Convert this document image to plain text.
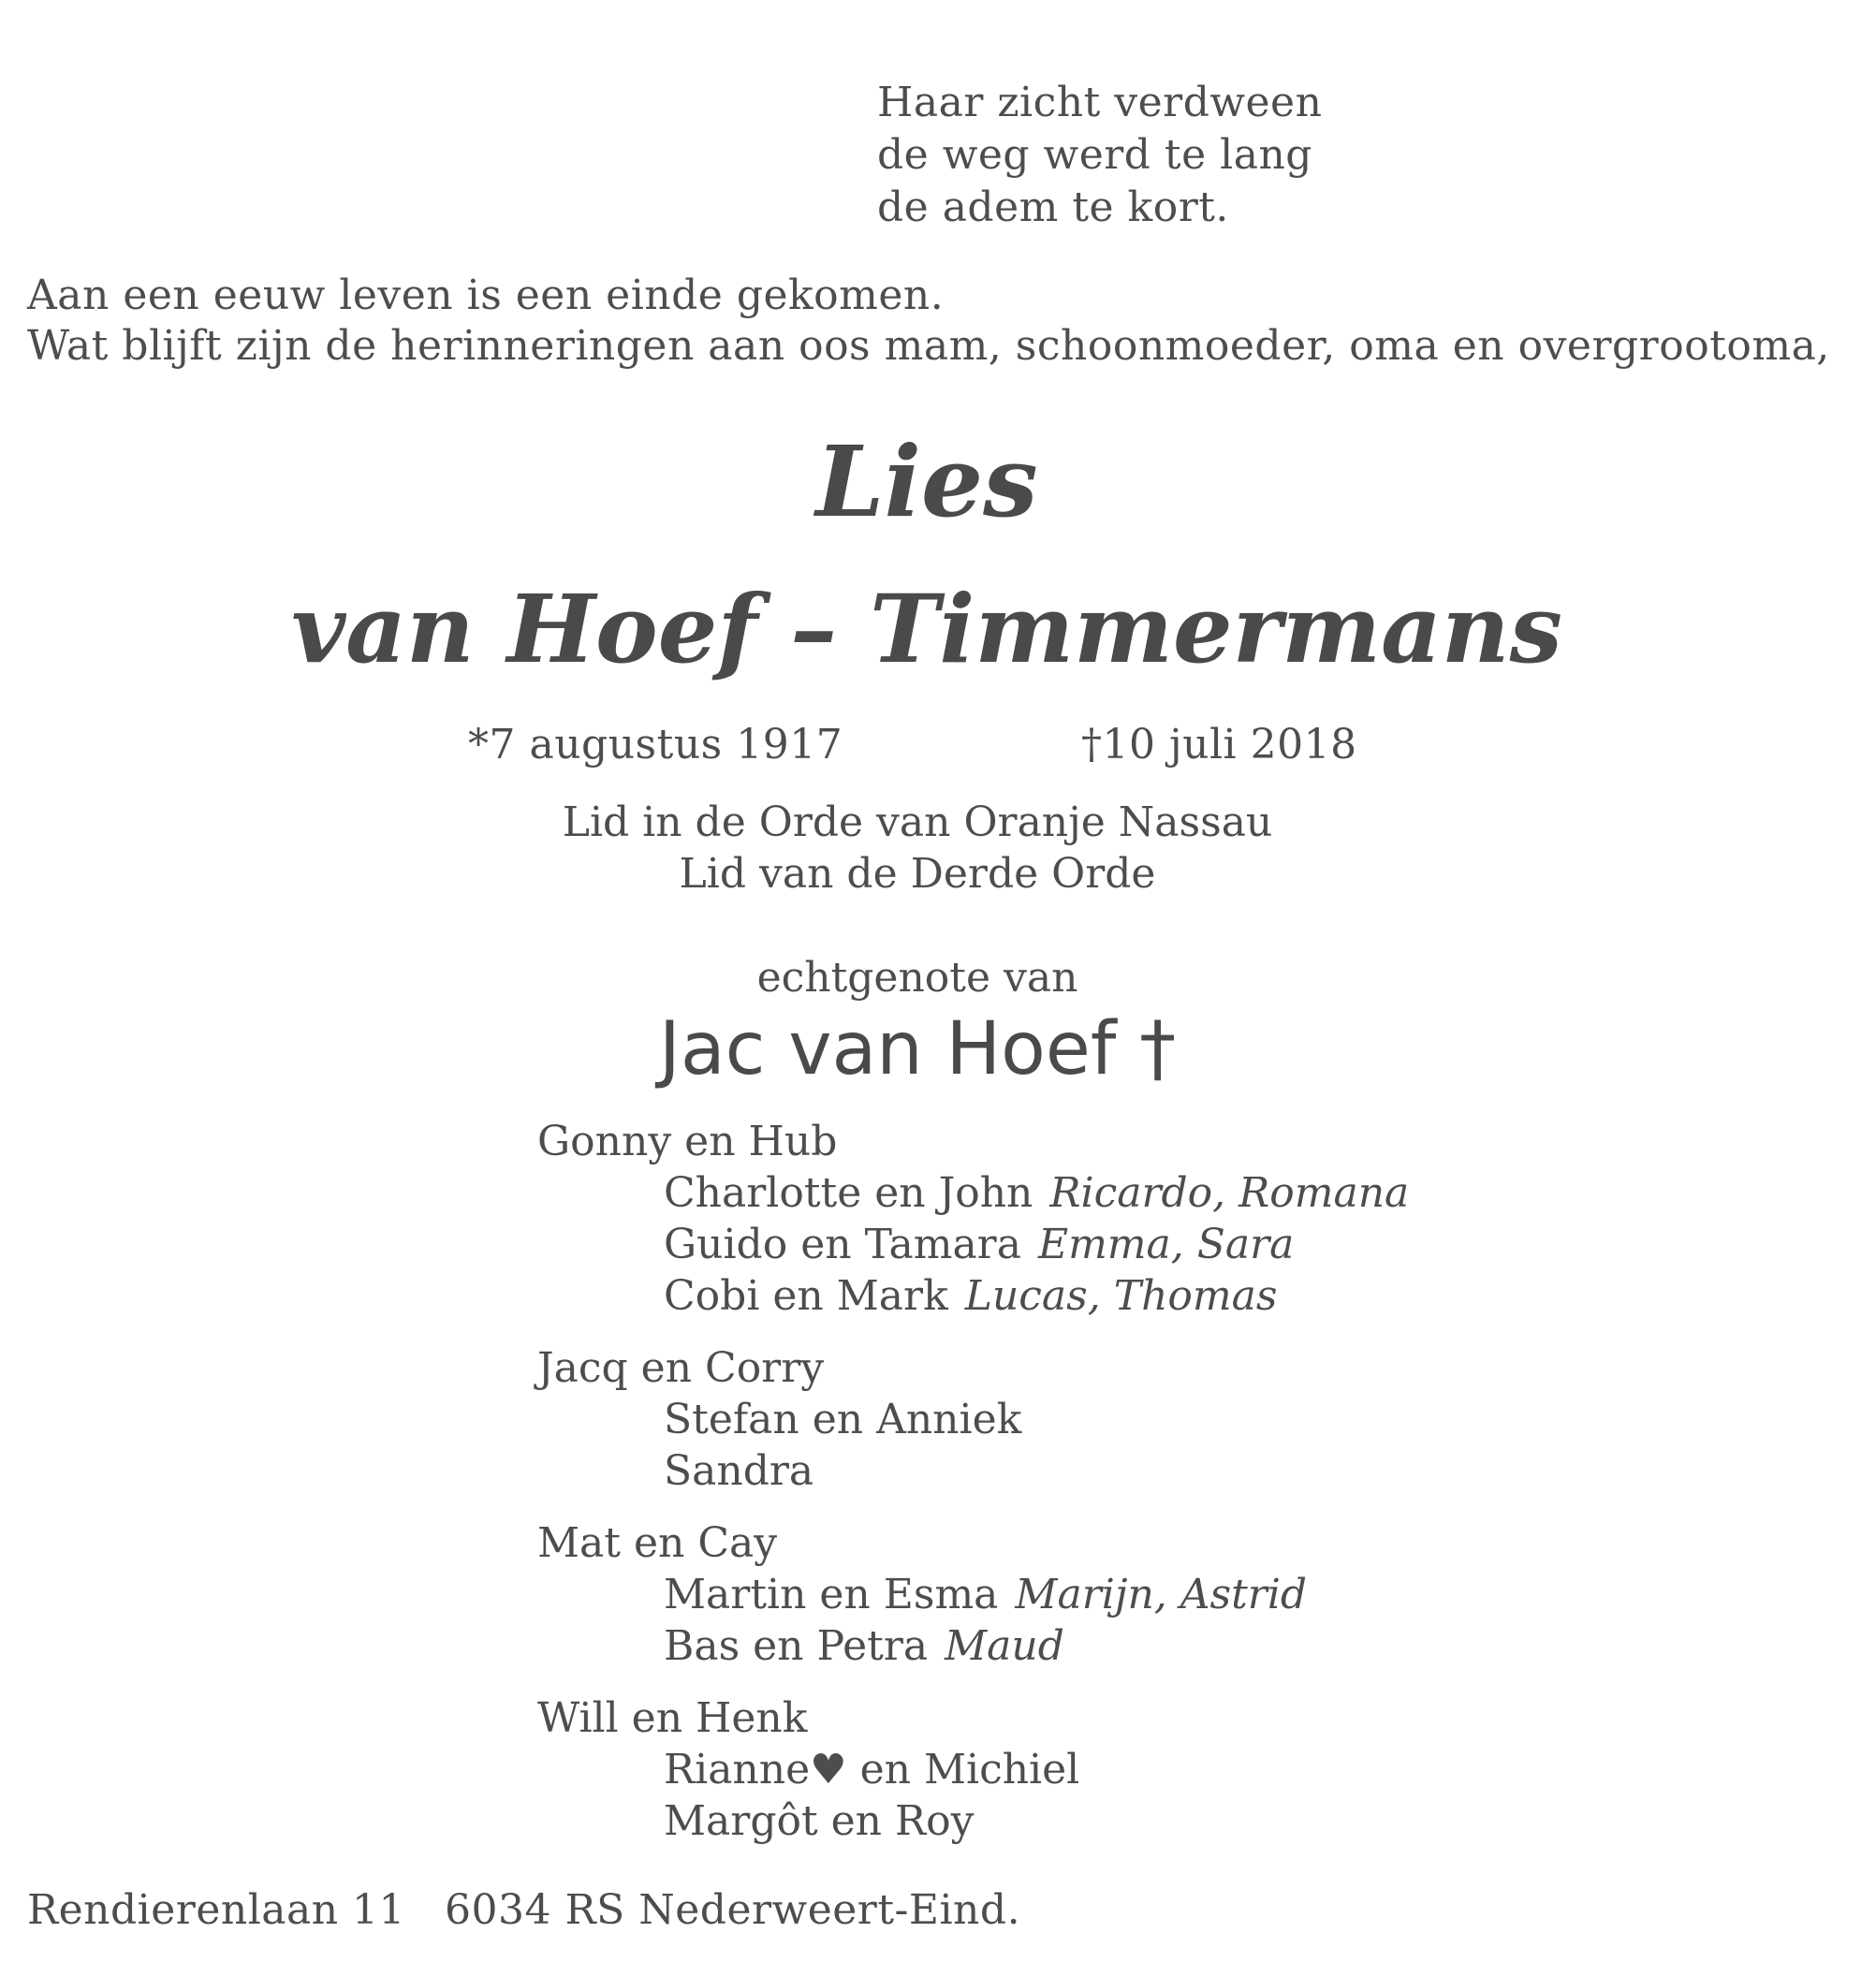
Haar zicht verdween
de weg werd te lang
de adem te kort.
Aan een eeuw leven is een einde gekomen.
Wat blijft zijn de herinneringen aan oos mam, schoonmoeder, oma en overgrootoma,
Lies
van Hoef – Timmermans
*7 augustus 1917	†10 juli 2018
Lid in de Orde van Oranje Nassau
Lid van de Derde Orde
echtgenote van
Jac van Hoef †
Gonny en Hub
Charlotte en John Ricardo, Romana
Guido en Tamara Emma, Sara
Cobi en Mark Lucas, Thomas
Jacq en Corry
Stefan en Anniek
Sandra
Mat en Cay
Martin en Esma Marijn, Astrid
Bas en Petra Maud
Will en Henk
Rianne♥ en Michiel
Margôt en Roy
Rendierenlaan 11 6034 RS Nederweert-Eind.
